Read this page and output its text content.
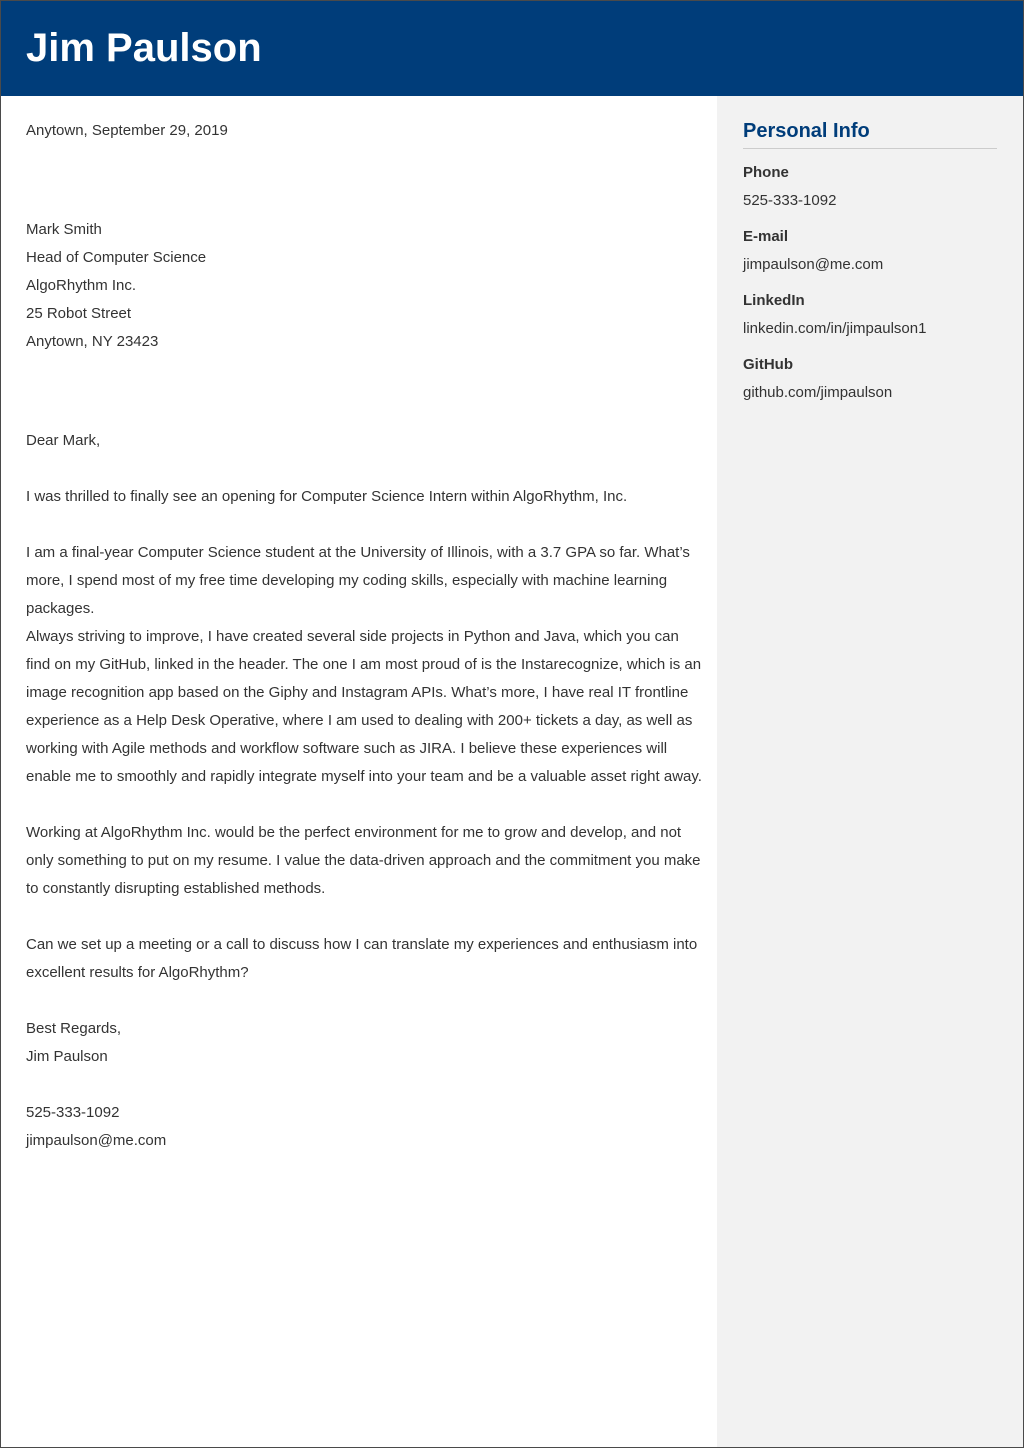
Jim Paulson

Anytown, September 29, 2019

Mark Smith

Head of Computer Science

AlgoRhythm Inc.

25 Robot Street

Anytown, NY 23423

Dear Mark,

I was thrilled to finally see an opening for Computer Science Intern within AlgoRhythm, Inc.

I am a final-year Computer Science student at the University of Illinois, with a 3.7 GPA so far. What’s more, I spend most of my free time developing my coding skills, especially with machine learning packages.

Always striving to improve, I have created several side projects in Python and Java, which you can find on my GitHub, linked in the header. The one I am most proud of is the Instarecognize, which is an image recognition app based on the Giphy and Instagram APIs. What’s more, I have real IT frontline experience as a Help Desk Operative, where I am used to dealing with 200+ tickets a day, as well as working with Agile methods and workflow software such as JIRA. I believe these experiences will enable me to smoothly and rapidly integrate myself into your team and be a valuable asset right away.

Working at AlgoRhythm Inc. would be the perfect environment for me to grow and develop, and not only something to put on my resume. I value the data-driven approach and the commitment you make to constantly disrupting established methods.

Can we set up a meeting or a call to discuss how I can translate my experiences and enthusiasm into excellent results for AlgoRhythm?

Best Regards,

Jim Paulson

525-333-1092

jimpaulson@me.com

Personal Info
Phone
525-333-1092
E-mail
jimpaulson@me.com
LinkedIn
linkedin.com/in/jimpaulson1
GitHub
github.com/jimpaulson
